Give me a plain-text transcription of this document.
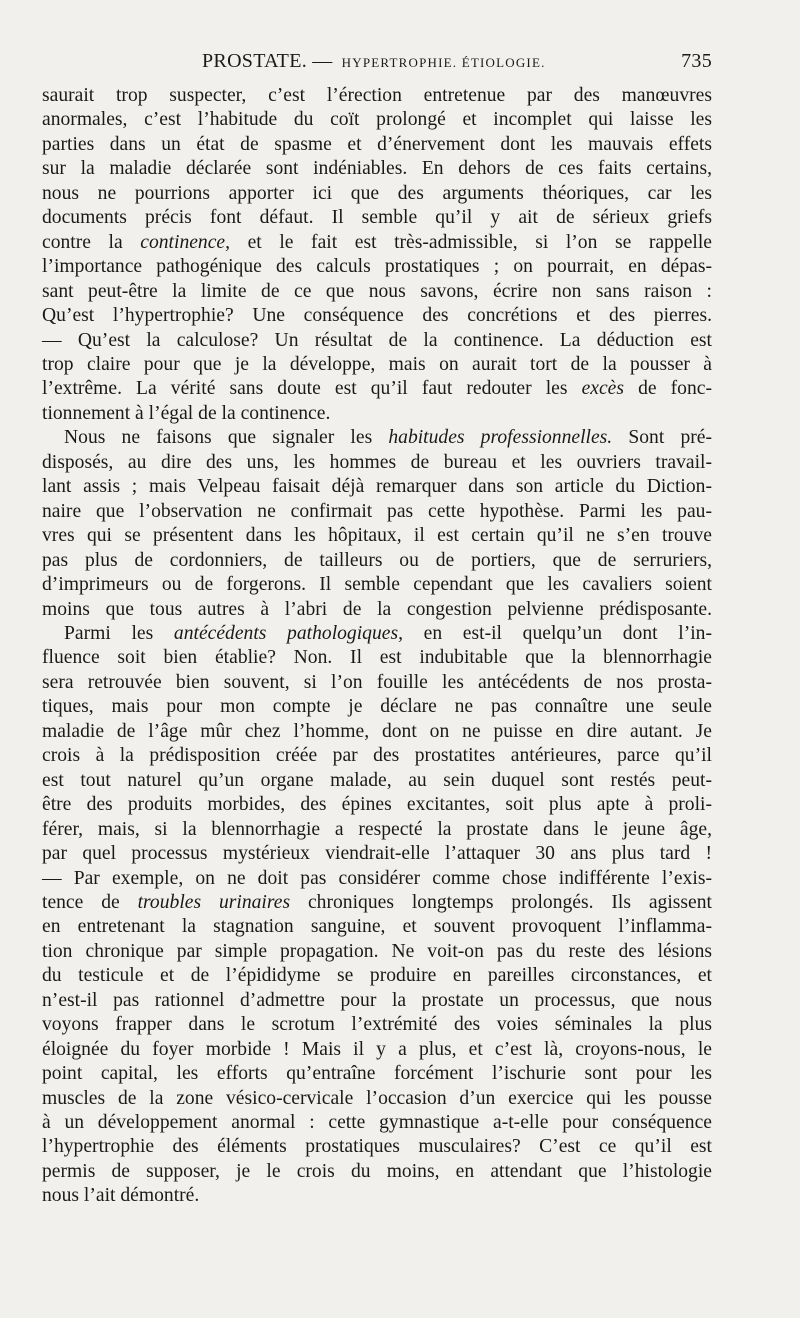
PROSTATE. — HYPERTROPHIE. ÉTIOLOGIE.	735
saurait trop suspecter, c’est l’érection entretenue par des manœuvres
anormales, c’est l’habitude du coït prolongé et incomplet qui laisse les
parties dans un état de spasme et d’énervement dont les mauvais effets
sur la maladie déclarée sont indéniables. En dehors de ces faits certains,
nous ne pourrions apporter ici que des arguments théoriques, car les
documents précis font défaut. Il semble qu’il y ait de sérieux griefs
contre la continence, et le fait est très-admissible, si l’on se rappelle
l’importance pathogénique des calculs prostatiques ; on pourrait, en dépas-
sant peut-être la limite de ce que nous savons, écrire non sans raison :
Qu’est l’hypertrophie? Une conséquence des concrétions et des pierres.
— Qu’est la calculose? Un résultat de la continence. La déduction est
trop claire pour que je la développe, mais on aurait tort de la pousser à
l’extrême. La vérité sans doute est qu’il faut redouter les excès de fonc-
tionnement à l’égal de la continence.
Nous ne faisons que signaler les habitudes professionnelles. Sont pré-
disposés, au dire des uns, les hommes de bureau et les ouvriers travail-
lant assis ; mais Velpeau faisait déjà remarquer dans son article du Diction-
naire que l’observation ne confirmait pas cette hypothèse. Parmi les pau-
vres qui se présentent dans les hôpitaux, il est certain qu’il ne s’en trouve
pas plus de cordonniers, de tailleurs ou de portiers, que de serruriers,
d’imprimeurs ou de forgerons. Il semble cependant que les cavaliers soient
moins que tous autres à l’abri de la congestion pelvienne prédisposante.
Parmi les antécédents pathologiques, en est-il quelqu’un dont l’in-
fluence soit bien établie? Non. Il est indubitable que la blennorrhagie
sera retrouvée bien souvent, si l’on fouille les antécédents de nos prosta-
tiques, mais pour mon compte je déclare ne pas connaître une seule
maladie de l’âge mûr chez l’homme, dont on ne puisse en dire autant. Je
crois à la prédisposition créée par des prostatites antérieures, parce qu’il
est tout naturel qu’un organe malade, au sein duquel sont restés peut-
être des produits morbides, des épines excitantes, soit plus apte à proli-
férer, mais, si la blennorrhagie a respecté la prostate dans le jeune âge,
par quel processus mystérieux viendrait-elle l’attaquer 30 ans plus tard !
— Par exemple, on ne doit pas considérer comme chose indifférente l’exis-
tence de troubles urinaires chroniques longtemps prolongés. Ils agissent
en entretenant la stagnation sanguine, et souvent provoquent l’inflamma-
tion chronique par simple propagation. Ne voit-on pas du reste des lésions
du testicule et de l’épididyme se produire en pareilles circonstances, et
n’est-il pas rationnel d’admettre pour la prostate un processus, que nous
voyons frapper dans le scrotum l’extrémité des voies séminales la plus
éloignée du foyer morbide ! Mais il y a plus, et c’est là, croyons-nous, le
point capital, les efforts qu’entraîne forcément l’ischurie sont pour les
muscles de la zone vésico-cervicale l’occasion d’un exercice qui les pousse
à un développement anormal : cette gymnastique a-t-elle pour conséquence
l’hypertrophie des éléments prostatiques musculaires? C’est ce qu’il est
permis de supposer, je le crois du moins, en attendant que l’histologie
nous l’ait démontré.
